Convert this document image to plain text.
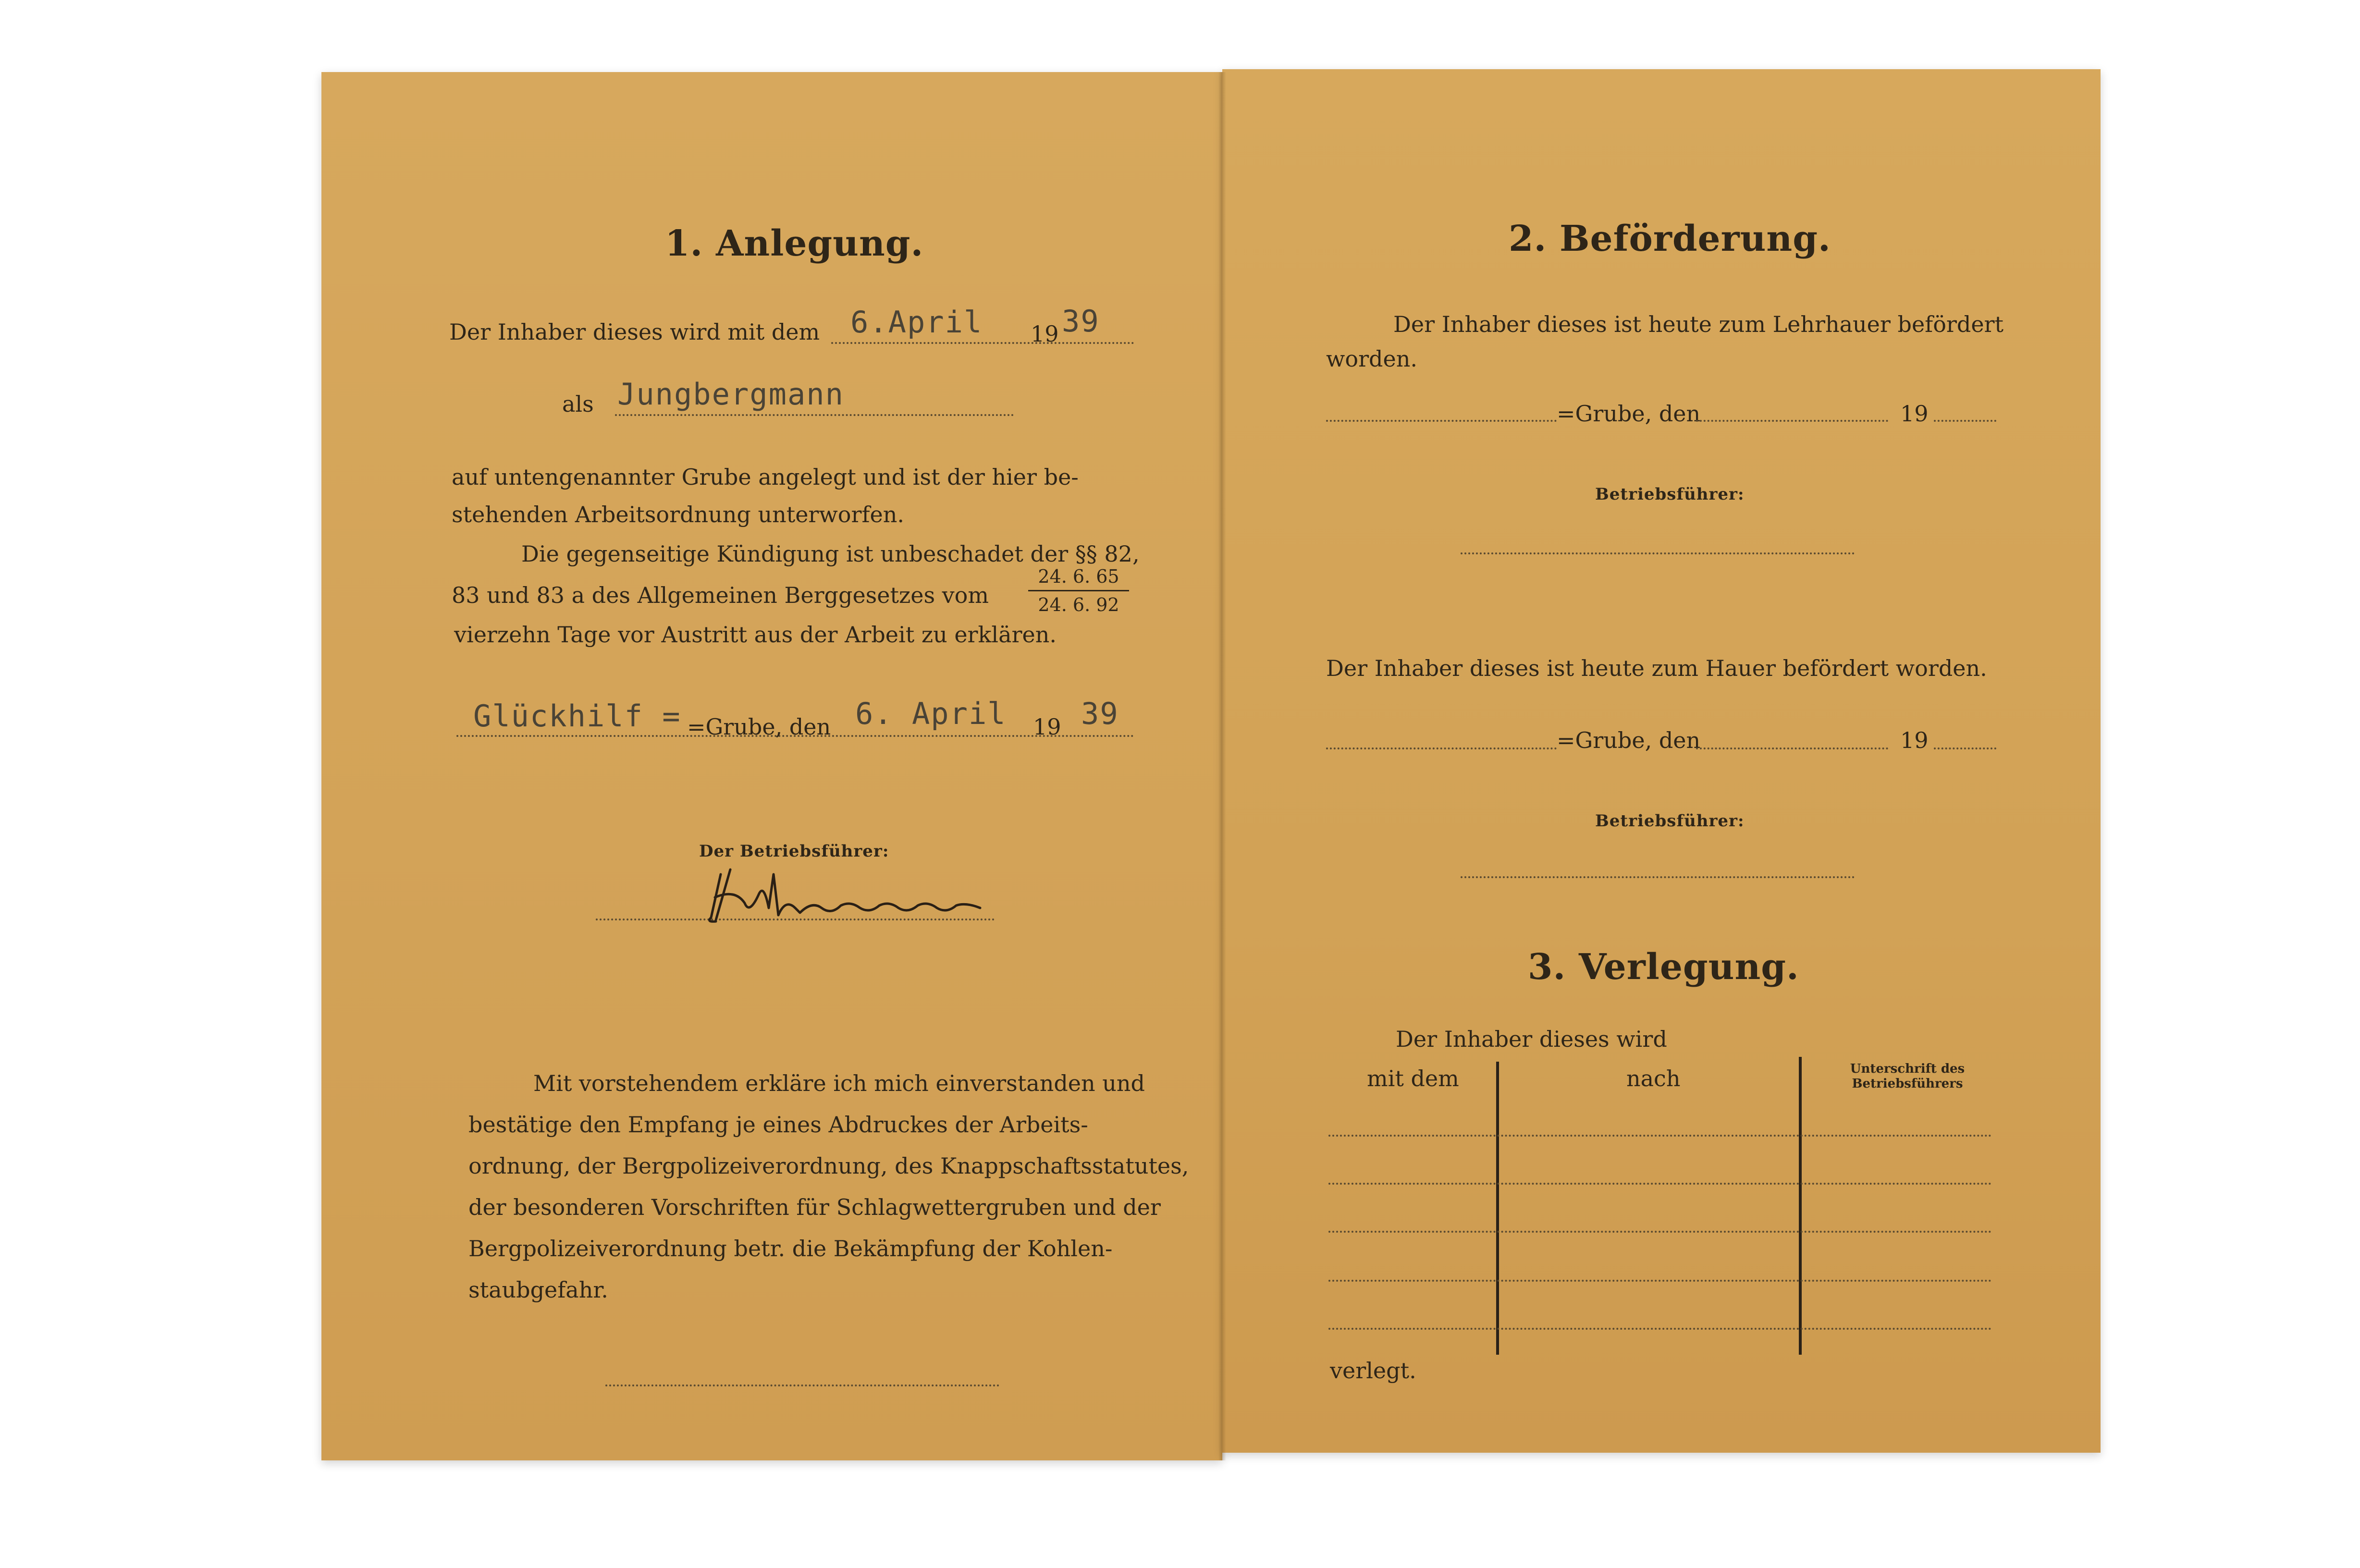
1. Anlegung.
Der Inhaber dieses wird mit dem 6.April 19 39
als Jungbergmann
auf untengenannter Grube angelegt und ist der hier be-
stehenden Arbeitsordnung unterworfen.
Die gegenseitige Kündigung ist unbeschadet der §§ 82,
83 und 83 a des Allgemeinen Berggesetzes vom
24. 6. 65
24. 6. 92
vierzehn Tage vor Austritt aus der Arbeit zu erklären.
Glückhilf = =Grube, den 6. April 19 39
Der Betriebsführer:
Mit vorstehendem erkläre ich mich einverstanden und
bestätige den Empfang je eines Abdruckes der Arbeits-
ordnung, der Bergpolizeiverordnung, des Knappschaftsstatutes,
der besonderen Vorschriften für Schlagwettergruben und der
Bergpolizeiverordnung betr. die Bekämpfung der Kohlen-
staubgefahr.
2. Beförderung.
Der Inhaber dieses ist heute zum Lehrhauer befördert
worden.
=Grube, den	19
Betriebsführer:
Der Inhaber dieses ist heute zum Hauer befördert worden.
=Grube, den	19
Betriebsführer:
3. Verlegung.
Der Inhaber dieses wird
mit dem	nach	Unterschrift des
Betriebsführers
verlegt.
